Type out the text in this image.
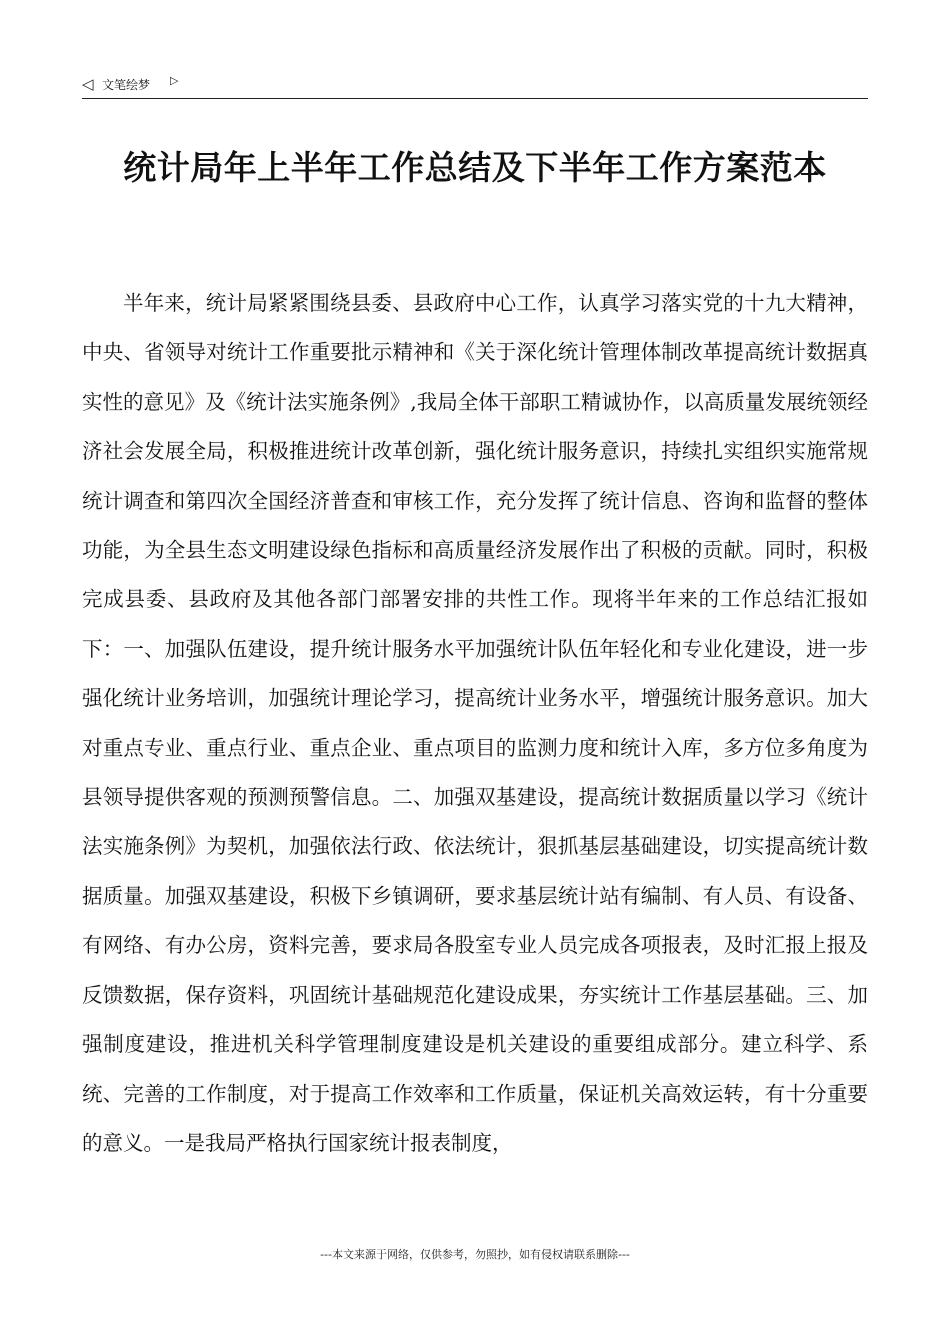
◁ 文笔绘梦 ▷
统计局年上半年工作总结及下半年工作方案范本

半年来，统计局紧紧围绕县委、县政府中心工作，认真学习落实党的十九大精神，中央、省领导对统计工作重要批示精神和《关于深化统计管理体制改革提高统计数据真实性的意见》及《统计法实施条例》,我局全体干部职工精诚协作，以高质量发展统领经济社会发展全局，积极推进统计改革创新，强化统计服务意识，持续扎实组织实施常规统计调查和第四次全国经济普查和审核工作，充分发挥了统计信息、咨询和监督的整体功能，为全县生态文明建设绿色指标和高质量经济发展作出了积极的贡献。同时，积极完成县委、县政府及其他各部门部署安排的共性工作。现将半年来的工作总结汇报如下：一、加强队伍建设，提升统计服务水平加强统计队伍年轻化和专业化建设，进一步强化统计业务培训，加强统计理论学习，提高统计业务水平，增强统计服务意识。加大对重点专业、重点行业、重点企业、重点项目的监测力度和统计入库，多方位多角度为县领导提供客观的预测预警信息。二、加强双基建设，提高统计数据质量以学习《统计法实施条例》为契机，加强依法行政、依法统计，狠抓基层基础建设，切实提高统计数据质量。加强双基建设，积极下乡镇调研，要求基层统计站有编制、有人员、有设备、有网络、有办公房，资料完善，要求局各股室专业人员完成各项报表，及时汇报上报及反馈数据，保存资料，巩固统计基础规范化建设成果，夯实统计工作基层基础。三、加强制度建设，推进机关科学管理制度建设是机关建设的重要组成部分。建立科学、系统、完善的工作制度，对于提高工作效率和工作质量，保证机关高效运转，有十分重要的意义。一是我局严格执行国家统计报表制度，

---本文来源于网络，仅供参考，勿照抄，如有侵权请联系删除---
